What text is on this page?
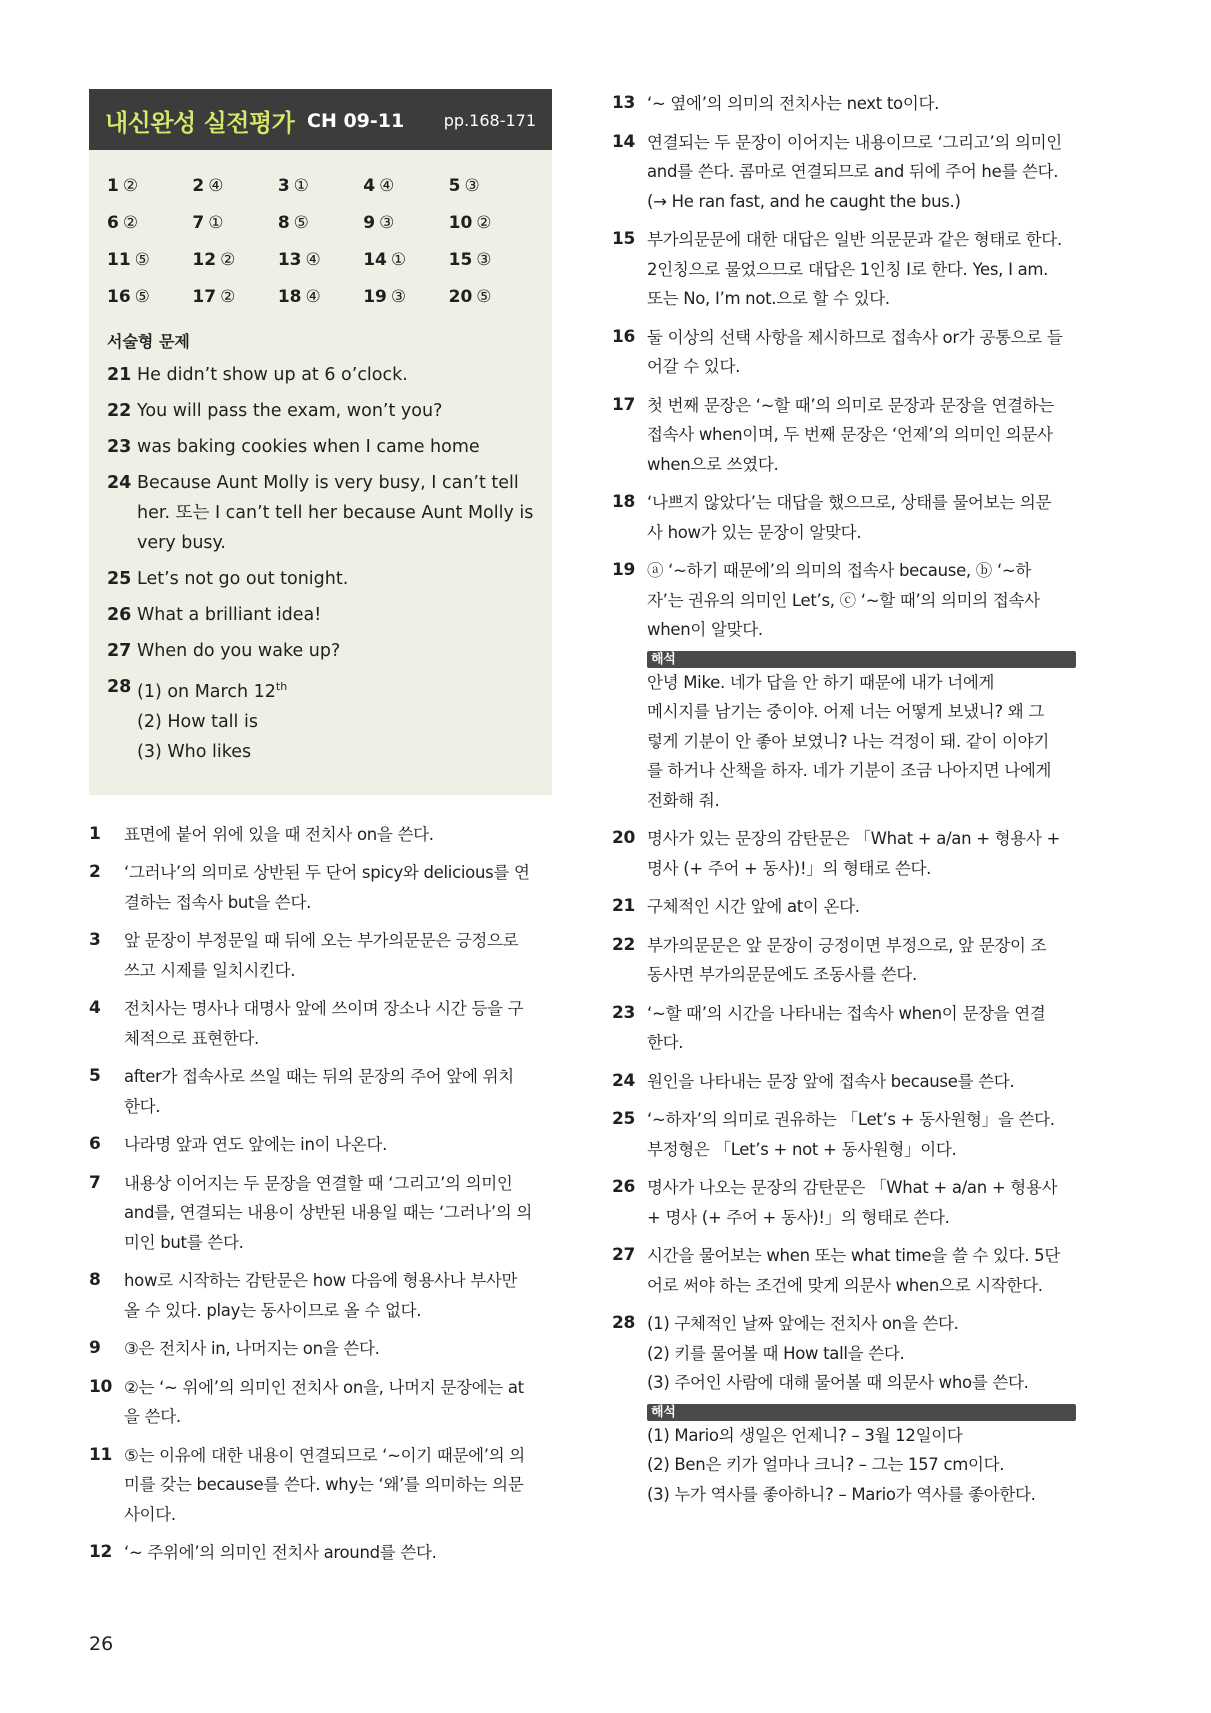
내신완성 실전평가 CH 09-11 pp.168-171
1 ②	2 ④	3 ①	4 ④	5 ③
6 ②	7 ①	8 ⑤	9 ③	10 ②
11 ⑤	12 ②	13 ④	14 ①	15 ③
16 ⑤	17 ②	18 ④	19 ③	20 ⑤
서술형 문제
21 He didn’t show up at 6 o’clock.
22 You will pass the exam, won’t you?
23 was baking cookies when I came home
24 Because Aunt Molly is very busy, I can’t tell
her. 또는 I can’t tell her because Aunt Molly is
very busy.
25 Let’s not go out tonight.
26 What a brilliant idea!
27 When do you wake up?
28 (1) on March 12th
(2) How tall is
(3) Who likes
1	표면에 붙어 위에 있을 때 전치사 on을 쓴다.
2	‘그러나’의 의미로 상반된 두 단어 spicy와 delicious를 연
결하는 접속사 but을 쓴다.
3	앞 문장이 부정문일 때 뒤에 오는 부가의문문은 긍정으로
쓰고 시제를 일치시킨다.
4	전치사는 명사나 대명사 앞에 쓰이며 장소나 시간 등을 구
체적으로 표현한다.
5	after가 접속사로 쓰일 때는 뒤의 문장의 주어 앞에 위치
한다.
6	나라명 앞과 연도 앞에는 in이 나온다.
7	내용상 이어지는 두 문장을 연결할 때 ‘그리고’의 의미인
and를, 연결되는 내용이 상반된 내용일 때는 ‘그러나’의 의
미인 but를 쓴다.
8	how로 시작하는 감탄문은 how 다음에 형용사나 부사만
올 수 있다. play는 동사이므로 올 수 없다.
9	③은 전치사 in, 나머지는 on을 쓴다.
10 ②는 ‘~ 위에’의 의미인 전치사 on을, 나머지 문장에는 at
을 쓴다.
11 ⑤는 이유에 대한 내용이 연결되므로 ‘~이기 때문에’의 의
미를 갖는 because를 쓴다. why는 ‘왜’를 의미하는 의문
사이다.
12 ‘~ 주위에’의 의미인 전치사 around를 쓴다.
13 ‘~ 옆에’의 의미의 전치사는 next to이다.
14 연결되는 두 문장이 이어지는 내용이므로 ‘그리고’의 의미인
and를 쓴다. 콤마로 연결되므로 and 뒤에 주어 he를 쓴다.
(→ He ran fast, and he caught the bus.)
15 부가의문문에 대한 대답은 일반 의문문과 같은 형태로 한다.
2인칭으로 물었으므로 대답은 1인칭 I로 한다. Yes, I am.
또는 No, I’m not.으로 할 수 있다.
16 둘 이상의 선택 사항을 제시하므로 접속사 or가 공통으로 들
어갈 수 있다.
17 첫 번째 문장은 ‘~할 때’의 의미로 문장과 문장을 연결하는
접속사 when이며, 두 번째 문장은 ‘언제’의 의미인 의문사
when으로 쓰였다.
18 ‘나쁘지 않았다’는 대답을 했으므로, 상태를 물어보는 의문
사 how가 있는 문장이 알맞다.
19 ⓐ ‘~하기 때문에’의 의미의 접속사 because, ⓑ ‘~하
자’는 권유의 의미인 Let’s, ⓒ ‘~할 때’의 의미의 접속사
when이 알맞다.
해석
안녕 Mike. 네가 답을 안 하기 때문에 내가 너에게
메시지를 남기는 중이야. 어제 너는 어떻게 보냈니? 왜 그
렇게 기분이 안 좋아 보였니? 나는 걱정이 돼. 같이 이야기
를 하거나 산책을 하자. 네가 기분이 조금 나아지면 나에게
전화해 줘.
20 명사가 있는 문장의 감탄문은 「What + a/an + 형용사 +
명사 (+ 주어 + 동사)!」의 형태로 쓴다.
21 구체적인 시간 앞에 at이 온다.
22 부가의문문은 앞 문장이 긍정이면 부정으로, 앞 문장이 조
동사면 부가의문문에도 조동사를 쓴다.
23 ‘~할 때’의 시간을 나타내는 접속사 when이 문장을 연결
한다.
24 원인을 나타내는 문장 앞에 접속사 because를 쓴다.
25 ‘~하자’의 의미로 권유하는 「Let’s + 동사원형」을 쓴다.
부정형은 「Let’s + not + 동사원형」이다.
26 명사가 나오는 문장의 감탄문은 「What + a/an + 형용사
+ 명사 (+ 주어 + 동사)!」의 형태로 쓴다.
27 시간을 물어보는 when 또는 what time을 쓸 수 있다. 5단
어로 써야 하는 조건에 맞게 의문사 when으로 시작한다.
28 (1) 구체적인 날짜 앞에는 전치사 on을 쓴다.
(2) 키를 물어볼 때 How tall을 쓴다.
(3) 주어인 사람에 대해 물어볼 때 의문사 who를 쓴다.
해석
(1) Mario의 생일은 언제니? – 3월 12일이다
(2) Ben은 키가 얼마나 크니? – 그는 157 cm이다.
(3) 누가 역사를 좋아하니? – Mario가 역사를 좋아한다.
26
